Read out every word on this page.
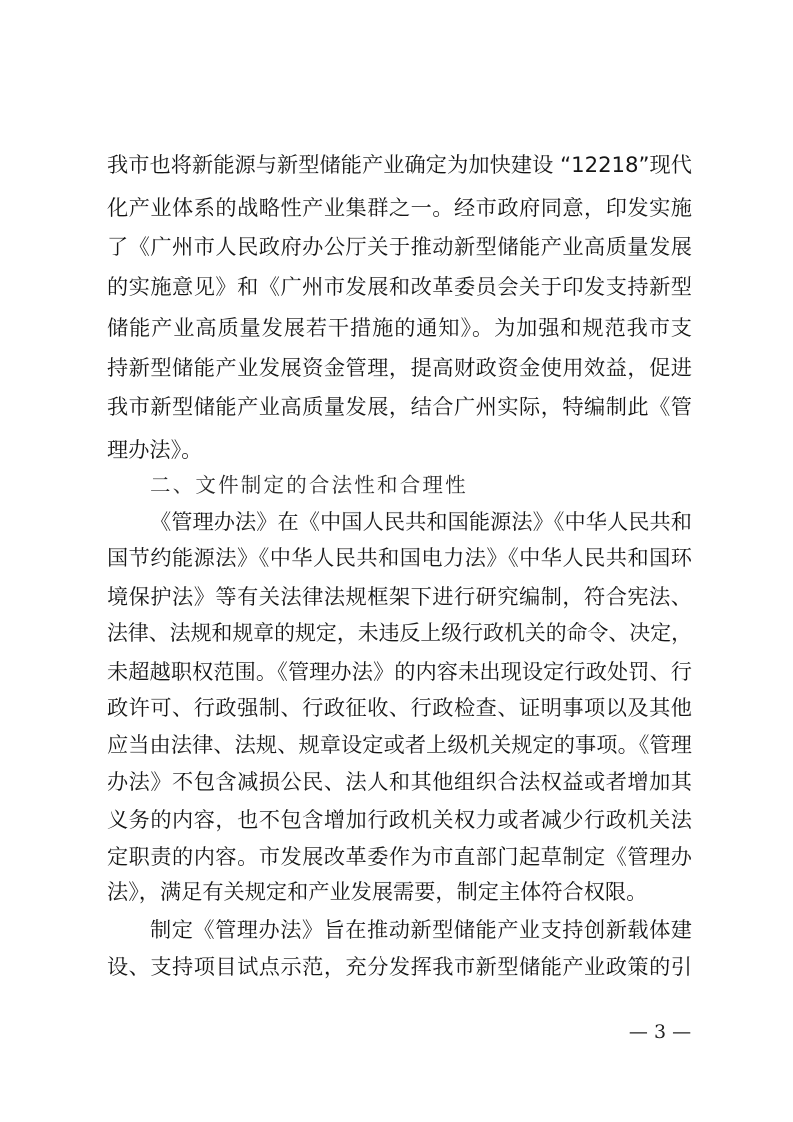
我市也将新能源与新型储能产业确定为加快建设 “12218”现代
化产业体系的战略性产业集群之一。经市政府同意，印发实施
了《广州市人民政府办公厅关于推动新型储能产业高质量发展
的实施意见》和《广州市发展和改革委员会关于印发支持新型
储能产业高质量发展若干措施的通知》。为加强和规范我市支
持新型储能产业发展资金管理，提高财政资金使用效益，促进
我市新型储能产业高质量发展，结合广州实际，特编制此《管
理办法》。
二、文件制定的合法性和合理性
《管理办法》在《中国人民共和国能源法》《中华人民共和
国节约能源法》《中华人民共和国电力法》《中华人民共和国环
境保护法》等有关法律法规框架下进行研究编制，符合宪法、
法律、法规和规章的规定，未违反上级行政机关的命令、决定，
未超越职权范围。《管理办法》的内容未出现设定行政处罚、行
政许可、行政强制、行政征收、行政检查、证明事项以及其他
应当由法律、法规、规章设定或者上级机关规定的事项。《管理
办法》不包含减损公民、法人和其他组织合法权益或者增加其
义务的内容，也不包含增加行政机关权力或者减少行政机关法
定职责的内容。市发展改革委作为市直部门起草制定《管理办
法》，满足有关规定和产业发展需要，制定主体符合权限。
制定《管理办法》旨在推动新型储能产业支持创新载体建
设、支持项目试点示范，充分发挥我市新型储能产业政策的引
— 3 —
